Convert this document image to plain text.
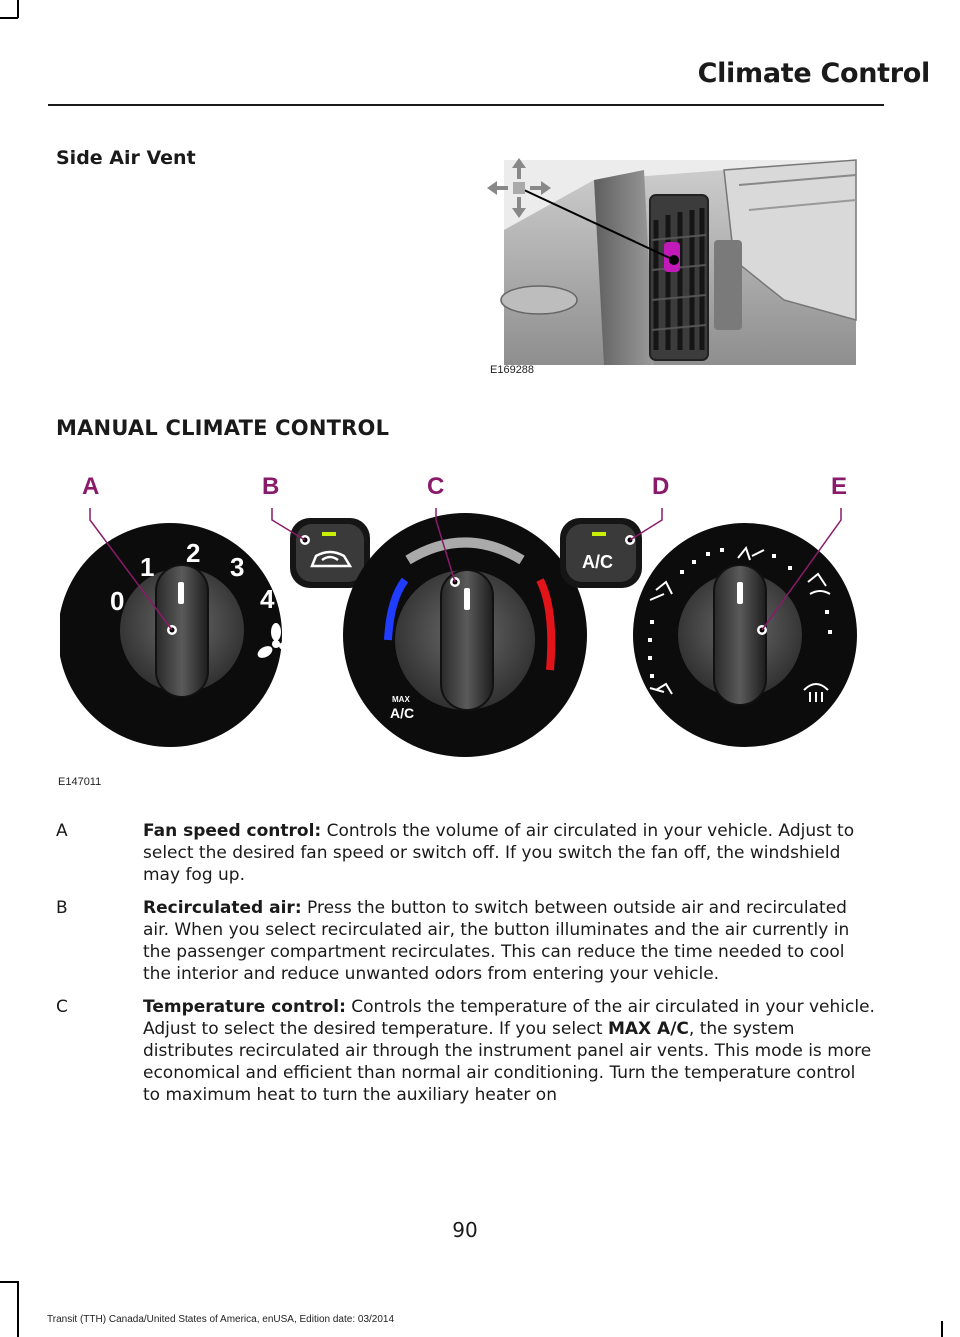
Climate Control
Side Air Vent
E169288
MANUAL CLIMATE CONTROL
0
1 2 3
4
MAX
A/C
A/C
A	B	C	D	E
E147011
A	Fan speed control: Controls the volume of air circulated in your vehicle. Adjust to select the desired fan speed or switch off. If you switch the fan off, the windshield may fog up.
B	Recirculated air: Press the button to switch between outside air and recirculated air. When you select recirculated air, the button illuminates and the air currently in the passenger compartment recirculates. This can reduce the time needed to cool the interior and reduce unwanted odors from entering your vehicle.
C	Temperature control: Controls the temperature of the air circulated in your vehicle. Adjust to select the desired temperature. If you select MAX A/C, the system distributes recirculated air through the instrument panel air vents. This mode is more economical and efficient than normal air conditioning. Turn the temperature control to maximum heat to turn the auxiliary heater on
90
Transit (TTH) Canada/United States of America, enUSA, Edition date: 03/2014
